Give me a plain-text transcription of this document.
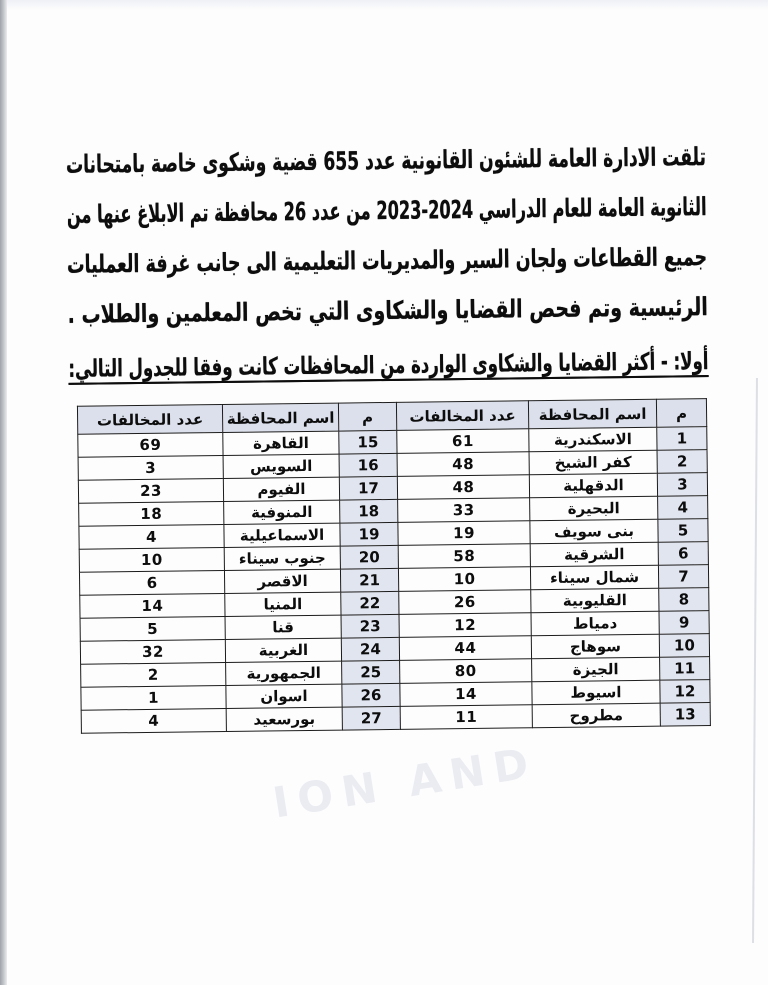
ION AND
تلقت الادارة العامة للشئون القانونية عدد 655 قضية وشكوى خاصة بامتحانات
الثانوية العامة للعام الدراسي 2024-2023 من عدد 26 محافظة تم الابلاغ عنها من
جميع القطاعات ولجان السير والمديريات التعليمية الى جانب غرفة العمليات
الرئيسية وتم فحص القضايا والشكاوى التي تخص المعلمين والطلاب .
أولا: - أكثر القضايا والشكاوى الواردة من المحافظات كانت وفقا للجدول التالي:
م	اسم المحافظة	عدد المخالفات	م	اسم المحافظة	عدد المخالفات
1	الاسكندرية	61	15	القاهرة	69
2	كفر الشيخ	48	16	السويس	3
3	الدقهلية	48	17	الفيوم	23
4	البحيرة	33	18	المنوفية	18
5	بنى سويف	19	19	الاسماعيلية	4
6	الشرقية	58	20	جنوب سيناء	10
7	شمال سيناء	10	21	الاقصر	6
8	القليوبية	26	22	المنيا	14
9	دمياط	12	23	قنا	5
10	سوهاج	44	24	الغربية	32
11	الجيزة	80	25	الجمهورية	2
12	اسيوط	14	26	اسوان	1
13	مطروح	11	27	بورسعيد	4
